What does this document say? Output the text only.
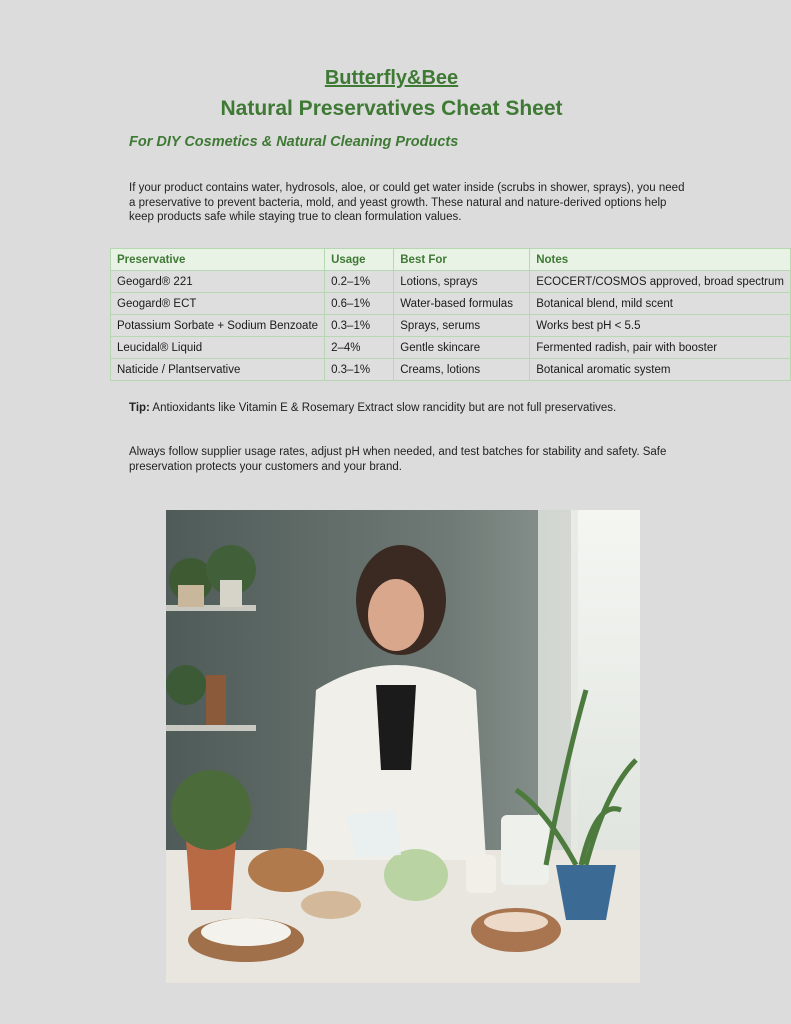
Butterfly&Bee
Natural Preservatives Cheat Sheet
For DIY Cosmetics & Natural Cleaning Products
If your product contains water, hydrosols, aloe, or could get water inside (scrubs in shower, sprays), you need a preservative to prevent bacteria, mold, and yeast growth. These natural and nature-derived options help keep products safe while staying true to clean formulation values.
Preservative	Usage	Best For	Notes
Geogard® 221	0.2–1%	Lotions, sprays	ECOCERT/COSMOS approved, broad spectrum
Geogard® ECT	0.6–1%	Water-based formulas	Botanical blend, mild scent
Potassium Sorbate + Sodium Benzoate	0.3–1%	Sprays, serums	Works best pH < 5.5
Leucidal® Liquid	2–4%	Gentle skincare	Fermented radish, pair with booster
Naticide / Plantservative	0.3–1%	Creams, lotions	Botanical aromatic system
Tip: Antioxidants like Vitamin E & Rosemary Extract slow rancidity but are not full preservatives.
Always follow supplier usage rates, adjust pH when needed, and test batches for stability and safety. Safe preservation protects your customers and your brand.
